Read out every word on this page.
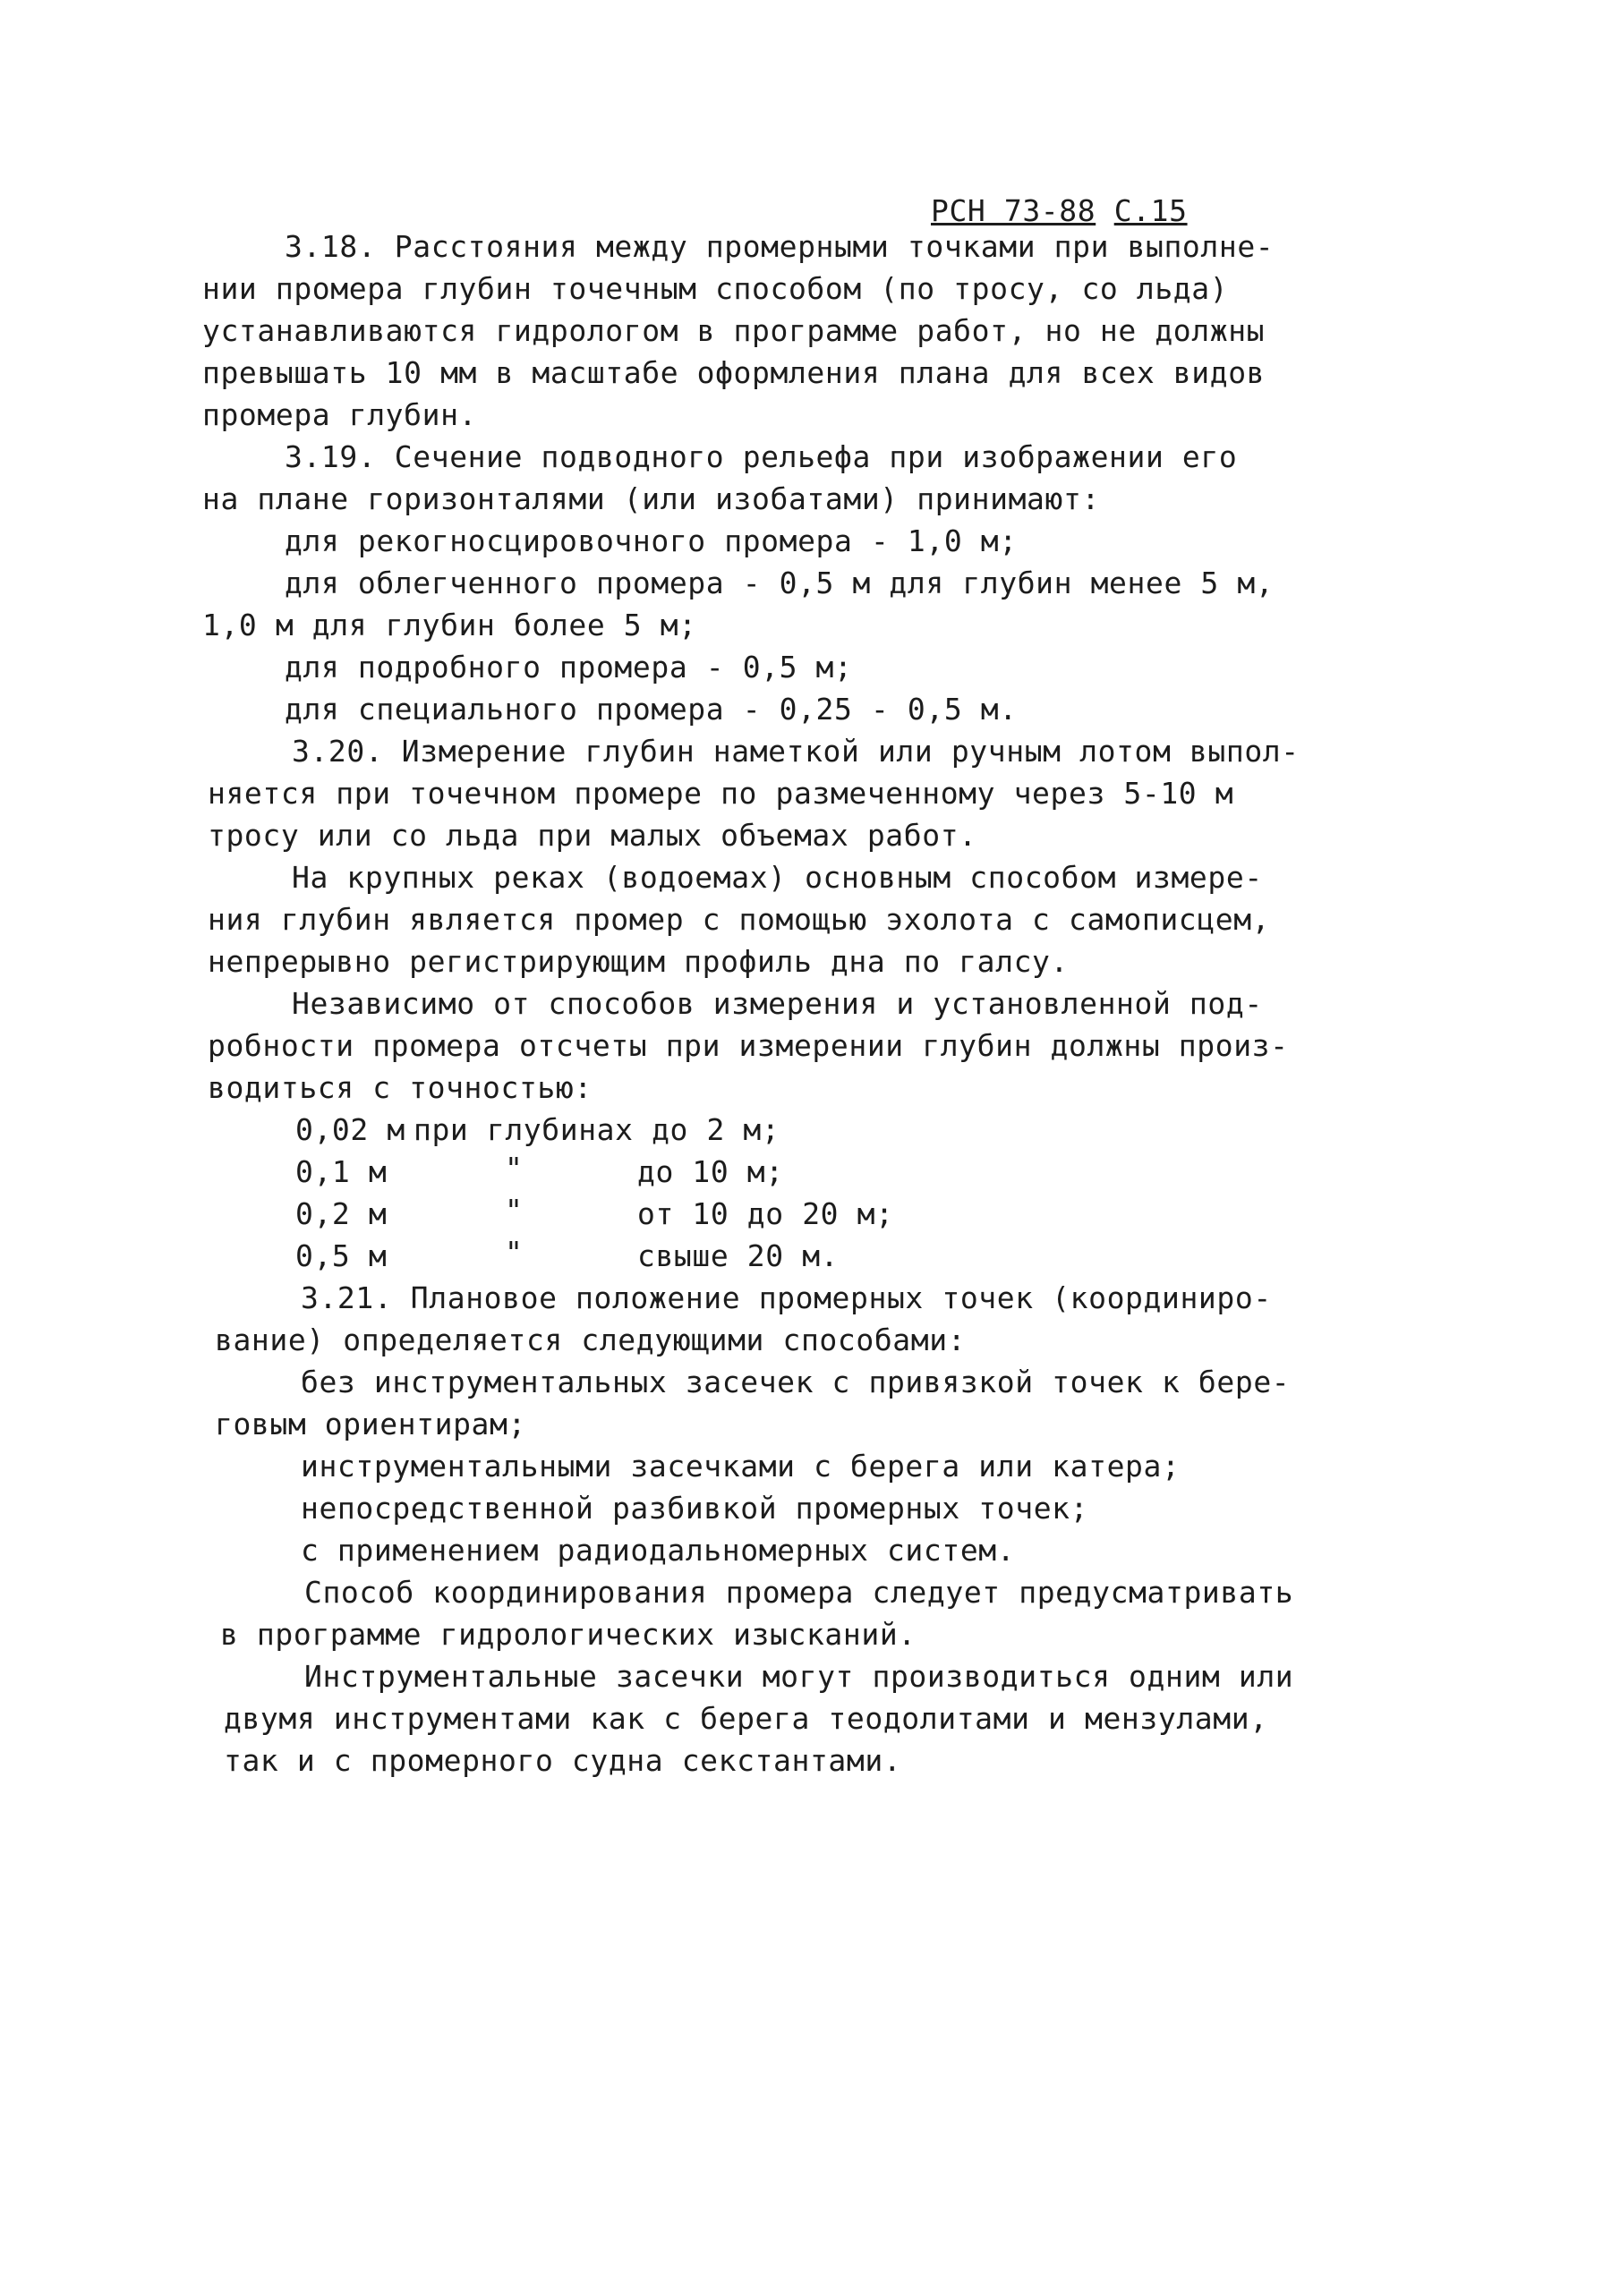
РСН 73-88 С.15
3.18. Расстояния между промерными точками при выполне-
нии промера глубин точечным способом (по тросу, со льда)
устанавливаются гидрологом в программе работ, но не должны
превышать 10 мм в масштабе оформления плана для всех видов
промера глубин.
3.19. Сечение подводного рельефа при изображении его
на плане горизонталями (или изобатами) принимают:
для рекогносцировочного промера - 1,0 м;
для облегченного промера - 0,5 м для глубин менее 5 м,
1,0 м для глубин более 5 м;
для подробного промера - 0,5 м;
для специального промера - 0,25 - 0,5 м.
3.20. Измерение глубин наметкой или ручным лотом выпол-
няется при точечном промере по размеченному через 5-10 м
тросу или со льда при малых объемах работ.
На крупных реках (водоемах) основным способом измере-
ния глубин является промер с помощью эхолота с самописцем,
непрерывно регистрирующим профиль дна по галсу.
Независимо от способов измерения и установленной под-
робности промера отсчеты при измерении глубин должны произ-
водиться с точностью:
0,02 м при глубинах до 2 м;
0,1 м	"	до 10 м;
0,2 м	"	от 10 до 20 м;
0,5 м	"	свыше 20 м.
3.21. Плановое положение промерных точек (координиро-
вание) определяется следующими способами:
без инструментальных засечек с привязкой точек к бере-
говым ориентирам;
инструментальными засечками с берега или катера;
непосредственной разбивкой промерных точек;
с применением радиодальномерных систем.
Способ координирования промера следует предусматривать
в программе гидрологических изысканий.
Инструментальные засечки могут производиться одним или
двумя инструментами как с берега теодолитами и мензулами,
так и с промерного судна секстантами.
